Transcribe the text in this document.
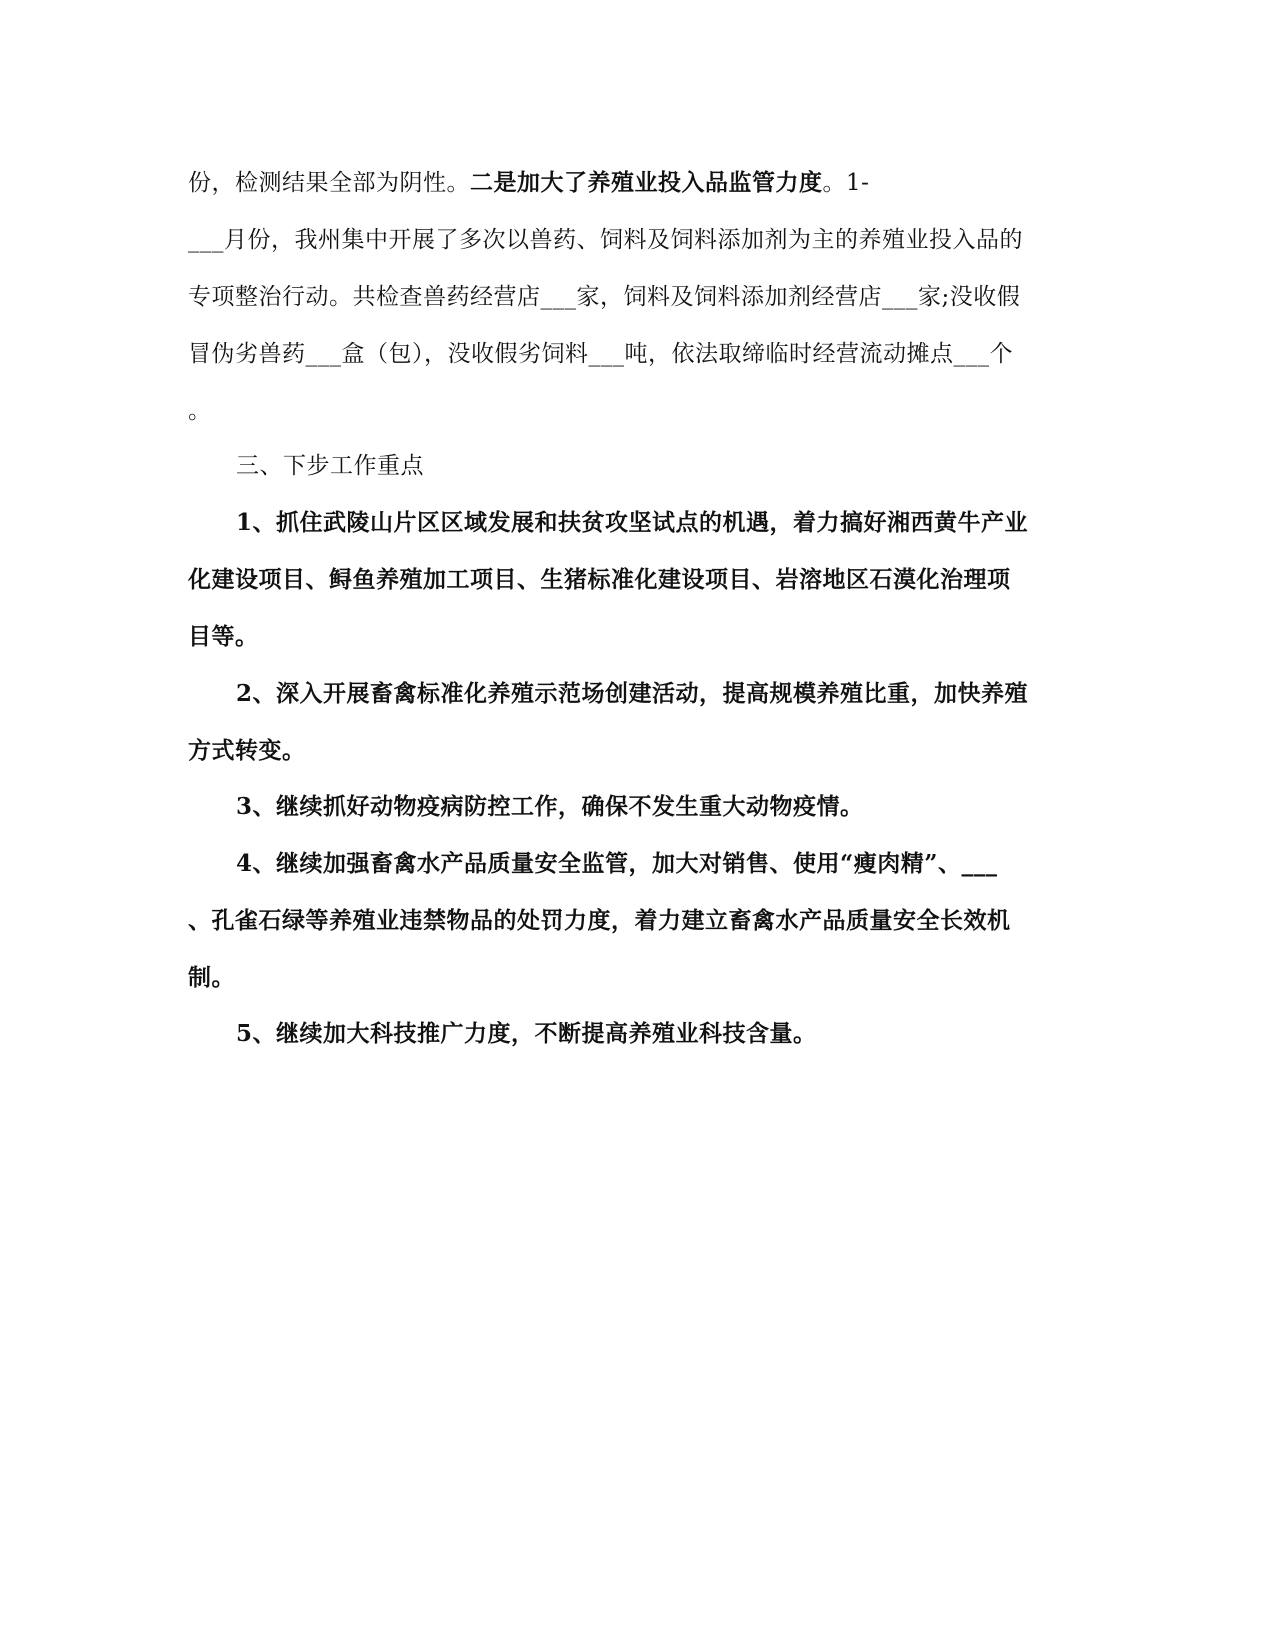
份，检测结果全部为阴性。二是加大了养殖业投入品监管力度。1-
___月份，我州集中开展了多次以兽药、饲料及饲料添加剂为主的养殖业投入品的
专项整治行动。共检查兽药经营店___家，饲料及饲料添加剂经营店___家;没收假
冒伪劣兽药___盒（包），没收假劣饲料___吨，依法取缔临时经营流动摊点___个
。
三、下步工作重点
1、抓住武陵山片区区域发展和扶贫攻坚试点的机遇，着力搞好湘西黄牛产业
化建设项目、鲟鱼养殖加工项目、生猪标准化建设项目、岩溶地区石漠化治理项
目等。
2、深入开展畜禽标准化养殖示范场创建活动，提高规模养殖比重，加快养殖
方式转变。
3、继续抓好动物疫病防控工作，确保不发生重大动物疫情。
4、继续加强畜禽水产品质量安全监管，加大对销售、使用“瘦肉精”、___
、孔雀石绿等养殖业违禁物品的处罚力度，着力建立畜禽水产品质量安全长效机
制。
5、继续加大科技推广力度，不断提高养殖业科技含量。
